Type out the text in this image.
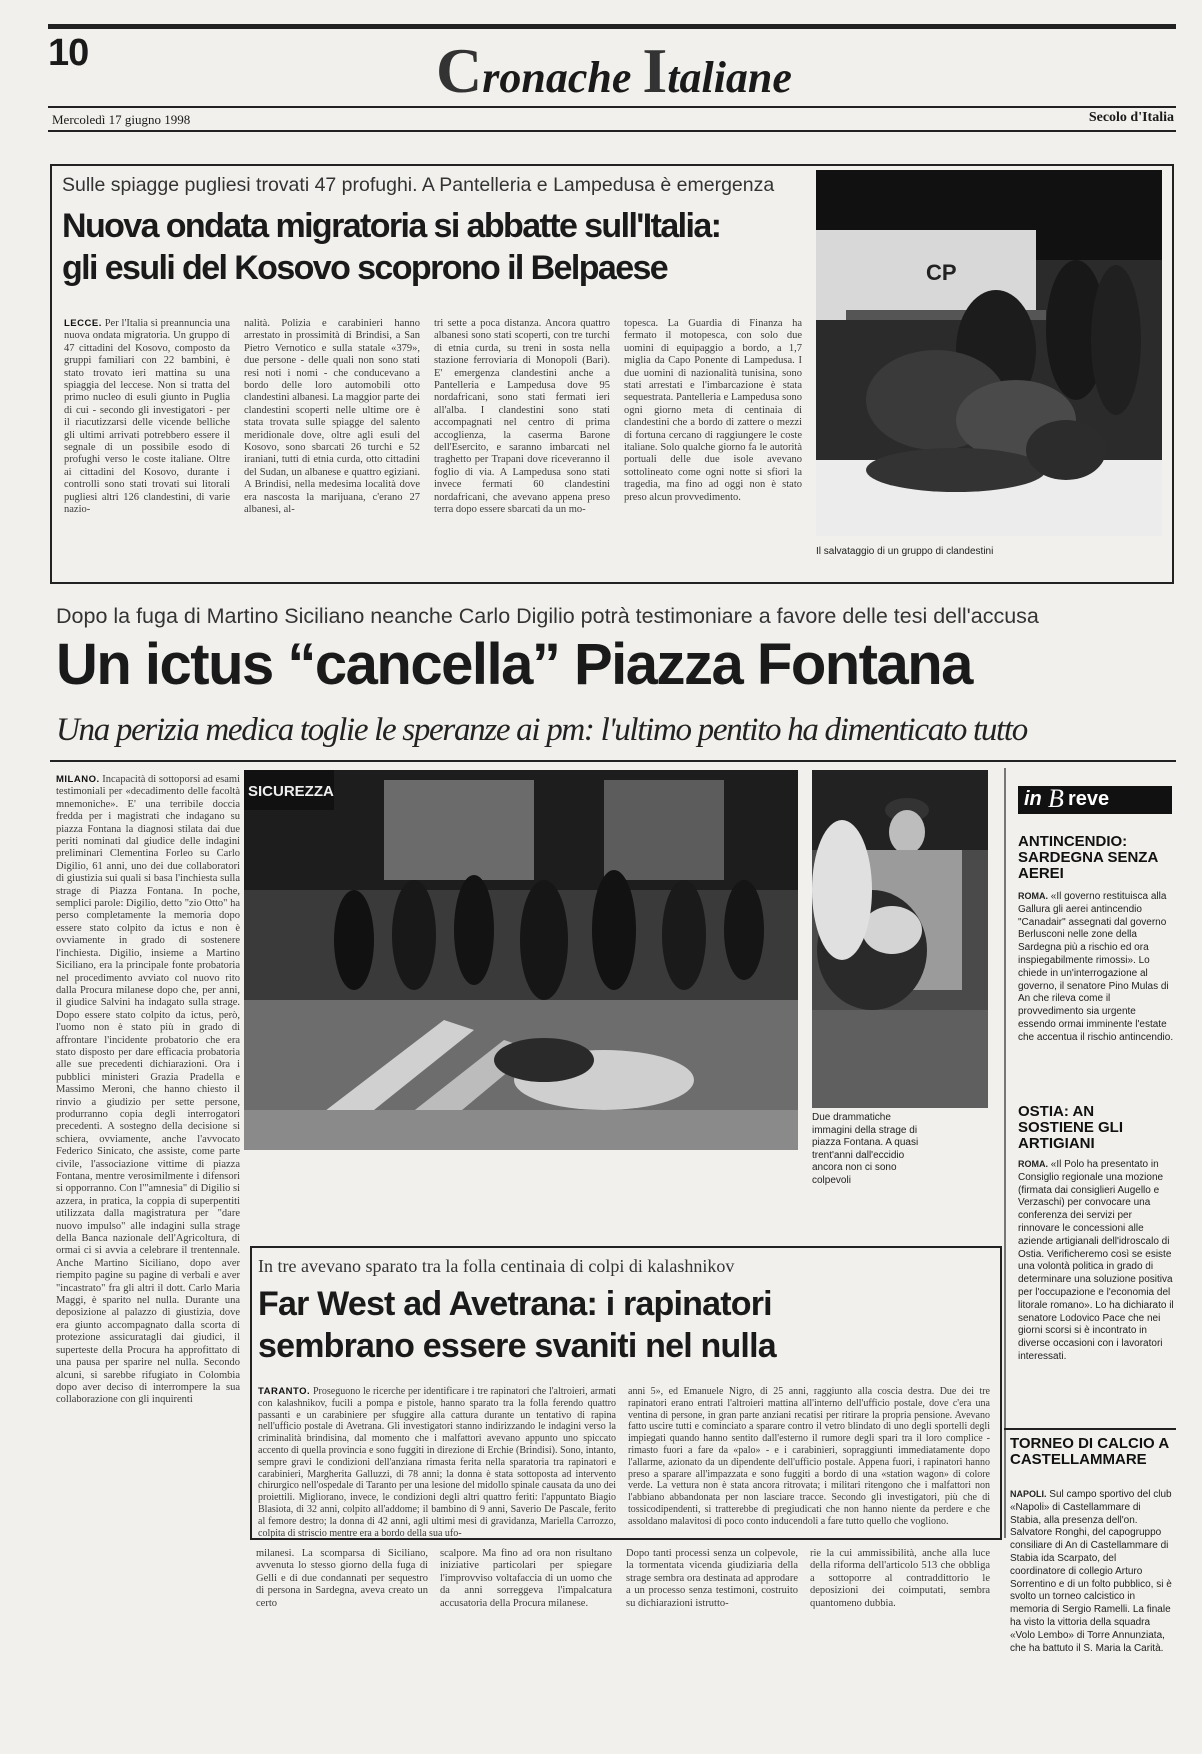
10	Cronache Italiane
Mercoledì 17 giugno 1998	Secolo d'Italia
Sulle spiagge pugliesi trovati 47 profughi. A Pantelleria e Lampedusa è emergenza
Nuova ondata migratoria si abbatte sull'Italia:
gli esuli del Kosovo scoprono il Belpaese
LECCE. Per l'Italia si preannuncia una nuova ondata migratoria. Un gruppo di 47 cittadini del Kosovo, composto da gruppi familiari con 22 bambini, è stato trovato ieri mattina su una spiaggia del leccese. Non si tratta del primo nucleo di esuli giunto in Puglia di cui - secondo gli investigatori - per il riacutizzarsi delle vicende belliche gli ultimi arrivati potrebbero essere il segnale di un possibile esodo di profughi verso le coste italiane. Oltre ai cittadini del Kosovo, durante i controlli sono stati trovati sui litorali pugliesi altri 126 clandestini, di varie nazio-
nalità. Polizia e carabinieri hanno arrestato in prossimità di Brindisi, a San Pietro Vernotico e sulla statale «379», due persone - delle quali non sono stati resi noti i nomi - che conducevano a bordo delle loro automobili otto clandestini albanesi. La maggior parte dei clandestini scoperti nelle ultime ore è stata trovata sulle spiagge del salento meridionale dove, oltre agli esuli del Kosovo, sono sbarcati 26 turchi e 52 iraniani, tutti di etnia curda, otto cittadini del Sudan, un albanese e quattro egiziani. A Brindisi, nella medesima località dove era nascosta la marijuana, c'erano 27 albanesi, al-
tri sette a poca distanza. Ancora quattro albanesi sono stati scoperti, con tre turchi di etnia curda, su treni in sosta nella stazione ferroviaria di Monopoli (Bari). E' emergenza clandestini anche a Pantelleria e Lampedusa dove 95 nordafricani, sono stati fermati ieri all'alba. I clandestini sono stati accompagnati nel centro di prima accoglienza, la caserma Barone dell'Esercito, e saranno imbarcati nel traghetto per Trapani dove riceveranno il foglio di via. A Lampedusa sono stati invece fermati 60 clandestini nordafricani, che avevano appena preso terra dopo essere sbarcati da un mo-
topesca. La Guardia di Finanza ha fermato il motopesca, con solo due uomini di equipaggio a bordo, a 1,7 miglia da Capo Ponente di Lampedusa. I due uomini di nazionalità tunisina, sono stati arrestati e l'imbarcazione è stata sequestrata. Pantelleria e Lampedusa sono ogni giorno meta di centinaia di clandestini che a bordo di zattere o mezzi di fortuna cercano di raggiungere le coste italiane. Solo qualche giorno fa le autorità portuali delle due isole avevano sottolineato come ogni notte si sfiori la tragedia, ma fino ad oggi non è stato preso alcun provvedimento.
CP
Il salvataggio di un gruppo di clandestini
Dopo la fuga di Martino Siciliano neanche Carlo Digilio potrà testimoniare a favore delle tesi dell'accusa
Un ictus “cancella” Piazza Fontana
Una perizia medica toglie le speranze ai pm: l'ultimo pentito ha dimenticato tutto
MILANO. Incapacità di sottoporsi ad esami testimoniali per «decadimento delle facoltà mnemoniche». E' una terribile doccia fredda per i magistrati che indagano su piazza Fontana la diagnosi stilata dai due periti nominati dal giudice delle indagini preliminari Clementina Forleo su Carlo Digilio, 61 anni, uno dei due collaboratori di giustizia sui quali si basa l'inchiesta sulla strage di Piazza Fontana. In poche, semplici parole: Digilio, detto "zio Otto" ha perso completamente la memoria dopo essere stato colpito da ictus e non è ovviamente in grado di sostenere l'inchiesta. Digilio, insieme a Martino Siciliano, era la principale fonte probatoria nel procedimento avviato col nuovo rito dalla Procura milanese dopo che, per anni, il giudice Salvini ha indagato sulla strage. Dopo essere stato colpito da ictus, però, l'uomo non è stato più in grado di affrontare l'incidente probatorio che era stato disposto per dare efficacia probatoria alle sue precedenti dichiarazioni. Ora i pubblici ministeri Grazia Pradella e Massimo Meroni, che hanno chiesto il rinvio a giudizio per sette persone, produrranno copia degli interrogatori precedenti. A sostegno della decisione si schiera, ovviamente, anche l'avvocato Federico Sinicato, che assiste, come parte civile, l'associazione vittime di piazza Fontana, mentre verosimilmente i difensori si opporranno. Con l'"amnesia" di Digilio si azzera, in pratica, la coppia di superpentiti utilizzata dalla magistratura per "dare nuovo impulso" alle indagini sulla strage della Banca nazionale dell'Agricoltura, di ormai ci si avvia a celebrare il trentennale. Anche Martino Siciliano, dopo aver riempito pagine su pagine di verbali e aver "incastrato" fra gli altri il dott. Carlo Maria Maggi, è sparito nel nulla. Durante una deposizione al palazzo di giustizia, dove era giunto accompagnato dalla scorta di protezione assicuratagli dai giudici, il superteste della Procura ha approfittato di una pausa per sparire nel nulla. Secondo alcuni, si sarebbe rifugiato in Colombia dopo aver deciso di interrompere la sua collaborazione con gli inquirenti
SICUREZZA
Due drammatiche immagini della strage di piazza Fontana. A quasi trent'anni dall'eccidio ancora non ci sono colpevoli
in B reve
ANTINCENDIO: SARDEGNA SENZA AEREI
ROMA. «Il governo restituisca alla Gallura gli aerei antincendio "Canadair" assegnati dal governo Berlusconi nelle zone della Sardegna più a rischio ed ora inspiegabilmente rimossi». Lo chiede in un'interrogazione al governo, il senatore Pino Mulas di An che rileva come il provvedimento sia urgente essendo ormai imminente l'estate che accentua il rischio antincendio.
OSTIA: AN SOSTIENE GLI ARTIGIANI
ROMA. «Il Polo ha presentato in Consiglio regionale una mozione (firmata dai consiglieri Augello e Verzaschi) per convocare una conferenza dei servizi per rinnovare le concessioni alle aziende artigianali dell'idroscalo di Ostia. Verificheremo così se esiste una volontà politica in grado di determinare una soluzione positiva per l'occupazione e l'economia del litorale romano». Lo ha dichiarato il senatore Lodovico Pace che nei giorni scorsi si è incontrato in diverse occasioni con i lavoratori interessati.
TORNEO DI CALCIO A CASTELLAMMARE
NAPOLI. Sul campo sportivo del club «Napoli» di Castellammare di Stabia, alla presenza dell'on. Salvatore Ronghi, del capogruppo consiliare di An di Castellammare di Stabia ida Scarpato, del coordinatore di collegio Arturo Sorrentino e di un folto pubblico, si è svolto un torneo calcistico in memoria di Sergio Ramelli. La finale ha visto la vittoria della squadra «Volo Lembo» di Torre Annunziata, che ha battuto il S. Maria la Carità.
In tre avevano sparato tra la folla centinaia di colpi di kalashnikov
Far West ad Avetrana: i rapinatori
sembrano essere svaniti nel nulla
TARANTO. Proseguono le ricerche per identificare i tre rapinatori che l'altroieri, armati con kalashnikov, fucili a pompa e pistole, hanno sparato tra la folla ferendo quattro passanti e un carabiniere per sfuggire alla cattura durante un tentativo di rapina nell'ufficio postale di Avetrana. Gli investigatori stanno indirizzando le indagini verso la criminalità brindisina, dal momento che i malfattori avevano appunto uno spiccato accento di quella provincia e sono fuggiti in direzione di Erchie (Brindisi). Sono, intanto, sempre gravi le condizioni dell'anziana rimasta ferita nella sparatoria tra rapinatori e carabinieri, Margherita Galluzzi, di 78 anni; la donna è stata sottoposta ad intervento chirurgico nell'ospedale di Taranto per una lesione del midollo spinale causata da uno dei proiettili. Migliorano, invece, le condizioni degli altri quattro feriti: l'appuntato Biagio Blasiota, di 32 anni, colpito all'addome; il bambino di 9 anni, Saverio De Pascale, ferito al femore destro; la donna di 42 anni, agli ultimi mesi di gravidanza, Mariella Carrozzo, colpita di striscio mentre era a bordo della sua ufo-
anni 5», ed Emanuele Nigro, di 25 anni, raggiunto alla coscia destra. Due dei tre rapinatori erano entrati l'altroieri mattina all'interno dell'ufficio postale, dove c'era una ventina di persone, in gran parte anziani recatisi per ritirare la propria pensione. Avevano fatto uscire tutti e cominciato a sparare contro il vetro blindato di uno degli sportelli degli impiegati quando hanno sentito dall'esterno il rumore degli spari tra il loro complice - rimasto fuori a fare da «palo» - e i carabinieri, sopraggiunti immediatamente dopo l'allarme, azionato da un dipendente dell'ufficio postale. Appena fuori, i rapinatori hanno preso a sparare all'impazzata e sono fuggiti a bordo di una «station wagon» di colore verde. La vettura non è stata ancora ritrovata; i militari ritengono che i malfattori non l'abbiano abbandonata per non lasciare tracce. Secondo gli investigatori, più che di tossicodipendenti, si tratterebbe di pregiudicati che non hanno niente da perdere e che assoldano malavitosi di poco conto inducendoli a fare tutto quello che vogliono.
milanesi. La scomparsa di Siciliano, avvenuta lo stesso giorno della fuga di Gelli e di due condannati per sequestro di persona in Sardegna, aveva creato un certo
scalpore. Ma fino ad ora non risultano iniziative particolari per spiegare l'improvviso voltafaccia di un uomo che da anni sorreggeva l'impalcatura accusatoria della Procura milanese.
Dopo tanti processi senza un colpevole, la tormentata vicenda giudiziaria della strage sembra ora destinata ad approdare a un processo senza testimoni, costruito su dichiarazioni istrutto-
rie la cui ammissibilità, anche alla luce della riforma dell'articolo 513 che obbliga a sottoporre al contraddittorio le deposizioni dei coimputati, sembra quantomeno dubbia.
